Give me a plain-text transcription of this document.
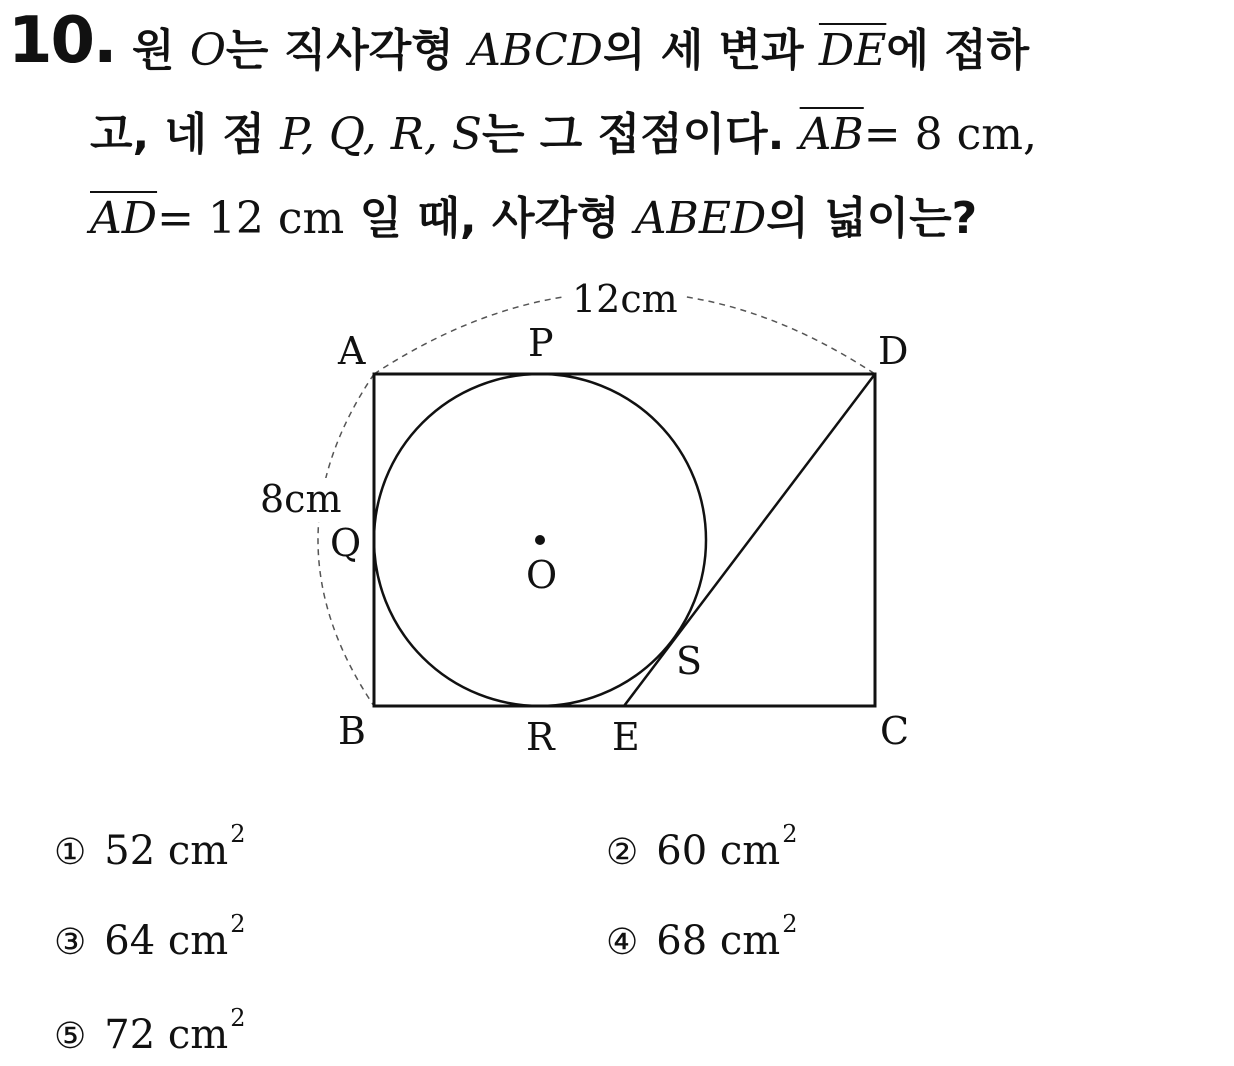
10. 원 O는 직사각형 ABCD의 세 변과 $\overline{DE}$에 접하
고, 네 점 P, Q, R, S는 그 접점이다. $\overline{AB}= 8$ cm,
$\overline{AD}= 12$ cm 일 때, 사각형 ABED의 넓이는?
12cm
8cm
A	P	D
Q
O
S
B	R E	C
① 52 $cm^2$	② 60 $cm^2$
③ 64 $cm^2$	④ 68 $cm^2$
⑤ 72 $cm^2$
